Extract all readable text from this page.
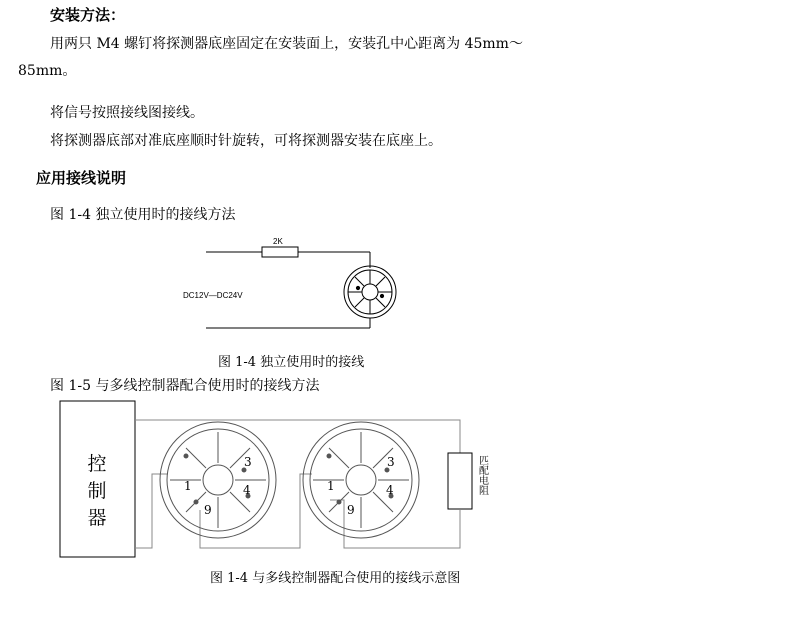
安装方法：
用两只 M4 螺钉将探测器底座固定在安装面上，安装孔中心距离为 45mm～
85mm。
将信号按照接线图接线。
将探测器底部对准底座顺时针旋转，可将探测器安装在底座上。
应用接线说明
图 1-4 独立使用时的接线方法
图 1-4 独立使用时的接线
图 1-5 与多线控制器配合使用时的接线方法
图 1-4 与多线控制器配合使用的接线示意图
2K
DC12V—DC24V
控
制
器
匹配电阻
1
3
4
9
1
3
4
9
